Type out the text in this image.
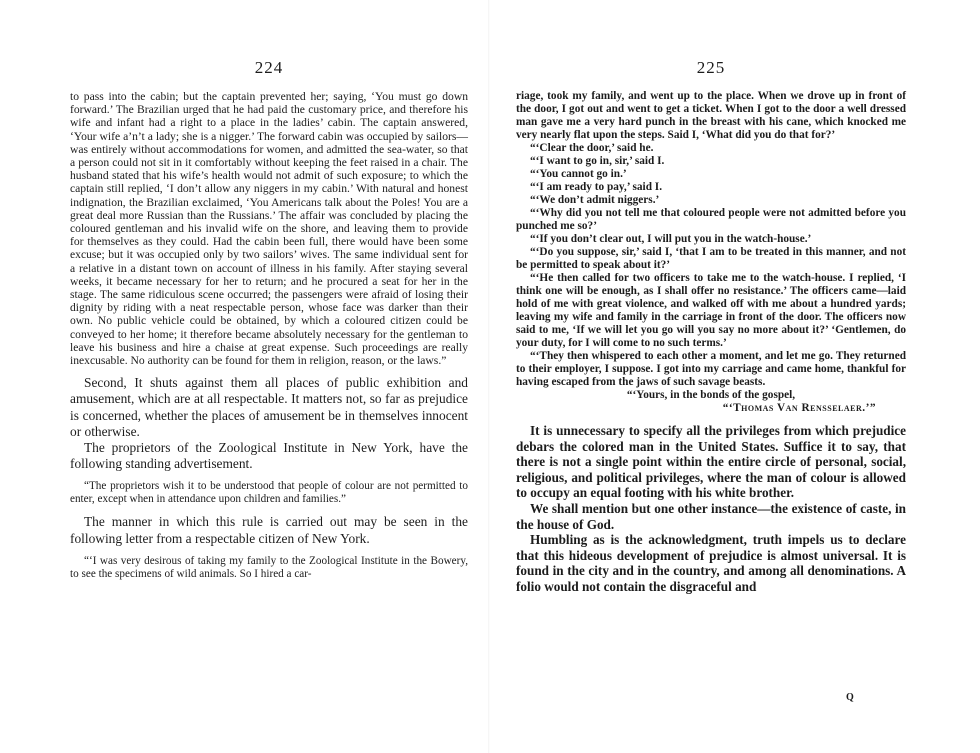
224

to pass into the cabin; but the captain prevented her; saying, ‘You must go down forward.’ The Brazilian urged that he had paid the customary price, and therefore his wife and infant had a right to a place in the ladies’ cabin. The captain answered, ‘Your wife a’n’t a lady; she is a nigger.’ The forward cabin was occupied by sailors—was entirely without accommodations for women, and admitted the sea-water, so that a person could not sit in it comfortably without keeping the feet raised in a chair. The husband stated that his wife’s health would not admit of such exposure; to which the captain still replied, ‘I don’t allow any niggers in my cabin.’ With natural and honest indignation, the Brazilian exclaimed, ‘You Americans talk about the Poles! You are a great deal more Russian than the Russians.’ The affair was concluded by placing the coloured gentleman and his invalid wife on the shore, and leaving them to provide for themselves as they could. Had the cabin been full, there would have been some excuse; but it was occupied only by two sailors’ wives. The same individual sent for a relative in a distant town on account of illness in his family. After staying several weeks, it became necessary for her to return; and he procured a seat for her in the stage. The same ridiculous scene occurred; the passengers were afraid of losing their dignity by riding with a neat respectable person, whose face was darker than their own. No public vehicle could be obtained, by which a coloured citizen could be conveyed to her home; it therefore became absolutely necessary for the gentleman to leave his business and hire a chaise at great expense. Such proceedings are really inexcusable. No authority can be found for them in religion, reason, or the laws.”

Second, It shuts against them all places of public exhibition and amusement, which are at all respectable. It matters not, so far as prejudice is concerned, whether the places of amusement be in themselves innocent or otherwise.

The proprietors of the Zoological Institute in New York, have the following standing advertisement.

“The proprietors wish it to be understood that people of colour are not permitted to enter, except when in attendance upon children and families.”

The manner in which this rule is carried out may be seen in the following letter from a respectable citizen of New York.

“‘I was very desirous of taking my family to the Zoological Institute in the Bowery, to see the specimens of wild animals. So I hired a car-

225

riage, took my family, and went up to the place. When we drove up in front of the door, I got out and went to get a ticket. When I got to the door a well dressed man gave me a very hard punch in the breast with his cane, which knocked me very nearly flat upon the steps. Said I, ‘What did you do that for?’

“‘Clear the door,’ said he.

“‘I want to go in, sir,’ said I.

“‘You cannot go in.’

“‘I am ready to pay,’ said I.

“‘We don’t admit niggers.’

“‘Why did you not tell me that coloured people were not admitted before you punched me so?’

“‘If you don’t clear out, I will put you in the watch-house.’

“‘Do you suppose, sir,’ said I, ‘that I am to be treated in this manner, and not be permitted to speak about it?’

“‘He then called for two officers to take me to the watch-house. I replied, ‘I think one will be enough, as I shall offer no resistance.’ The officers came—laid hold of me with great violence, and walked off with me about a hundred yards; leaving my wife and family in the carriage in front of the door. The officers now said to me, ‘If we will let you go will you say no more about it?’ ‘Gentlemen, do your duty, for I will come to no such terms.’

“‘They then whispered to each other a moment, and let me go. They returned to their employer, I suppose. I got into my carriage and came home, thankful for having escaped from the jaws of such savage beasts.

“‘Yours, in the bonds of the gospel,

“‘Thomas Van Rensselaer.’”

It is unnecessary to specify all the privileges from which prejudice debars the colored man in the United States. Suffice it to say, that there is not a single point within the entire circle of personal, social, religious, and political privileges, where the man of colour is allowed to occupy an equal footing with his white brother.

We shall mention but one other instance—the existence of caste, in the house of God.

Humbling as is the acknowledgment, truth impels us to declare that this hideous development of prejudice is almost universal. It is found in the city and in the country, and among all denominations. A folio would not contain the disgraceful and

Q
